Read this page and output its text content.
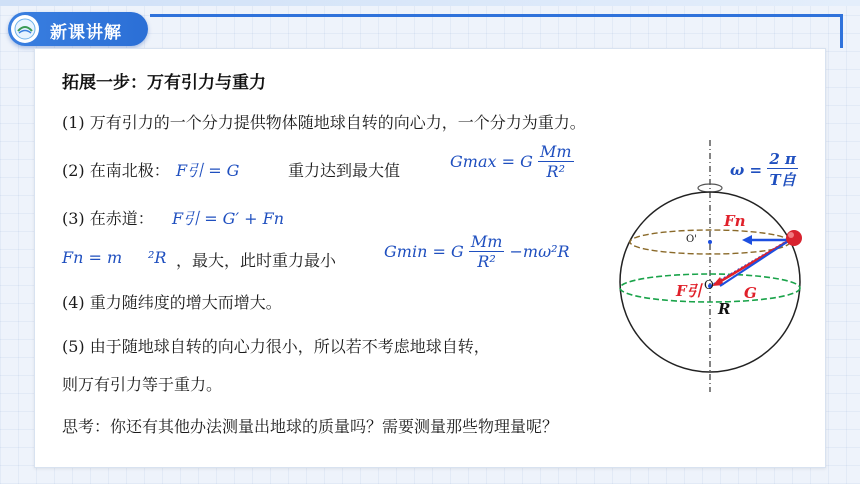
新课讲解
拓展一步：万有引力与重力
(1) 万有引力的一个分力提供物体随地球自转的向心力，一个分力为重力。
(2) 在南北极： F引 = G	重力达到最大值	Gmax = G $\frac{Mm}{\text{R²}}$
(3) 在赤道： F引 = G′ + Fn
Fn = m ²R ，最大，此时重力最小	Gmin = G $\frac{Mm}{\text{R²}} -m\omega^2R$
(4) 重力随纬度的增大而增大。
(5) 由于随地球自转的向心力很小，所以若不考虑地球自转，
则万有引力等于重力。
思考：你还有其他办法测量出地球的质量吗？需要测量那些物理量呢？
$\omega = \frac{2 \pi}{\text{T自}}$
Fn
O'
O
F引	G
R
